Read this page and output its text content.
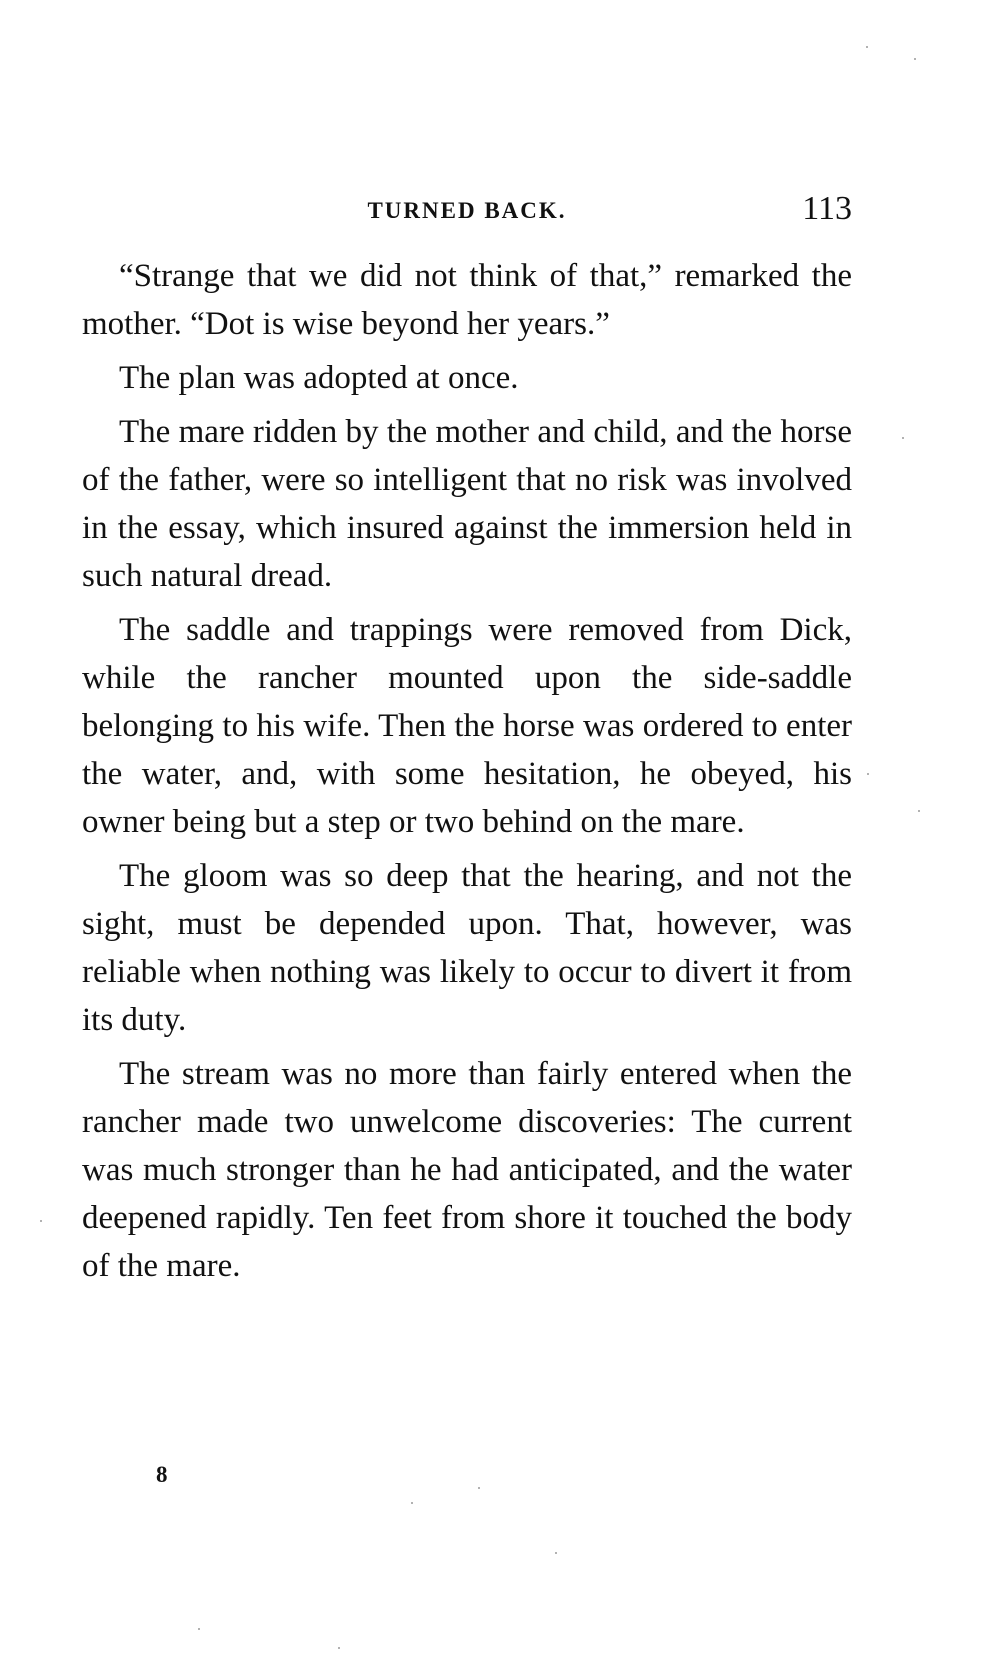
TURNED BACK.	113

“Strange that we did not think of that,” remarked the mother. “Dot is wise beyond her years.”

The plan was adopted at once.

The mare ridden by the mother and child, and the horse of the father, were so intelligent that no risk was involved in the essay, which insured against the immersion held in such natural dread.

The saddle and trappings were removed from Dick, while the rancher mounted upon the side-saddle belonging to his wife. Then the horse was ordered to enter the water, and, with some hesitation, he obeyed, his owner being but a step or two behind on the mare.

The gloom was so deep that the hearing, and not the sight, must be depended upon. That, however, was reliable when nothing was likely to occur to divert it from its duty.

The stream was no more than fairly entered when the rancher made two unwelcome discoveries: The current was much stronger than he had anticipated, and the water deepened rapidly. Ten feet from shore it touched the body of the mare.

8
